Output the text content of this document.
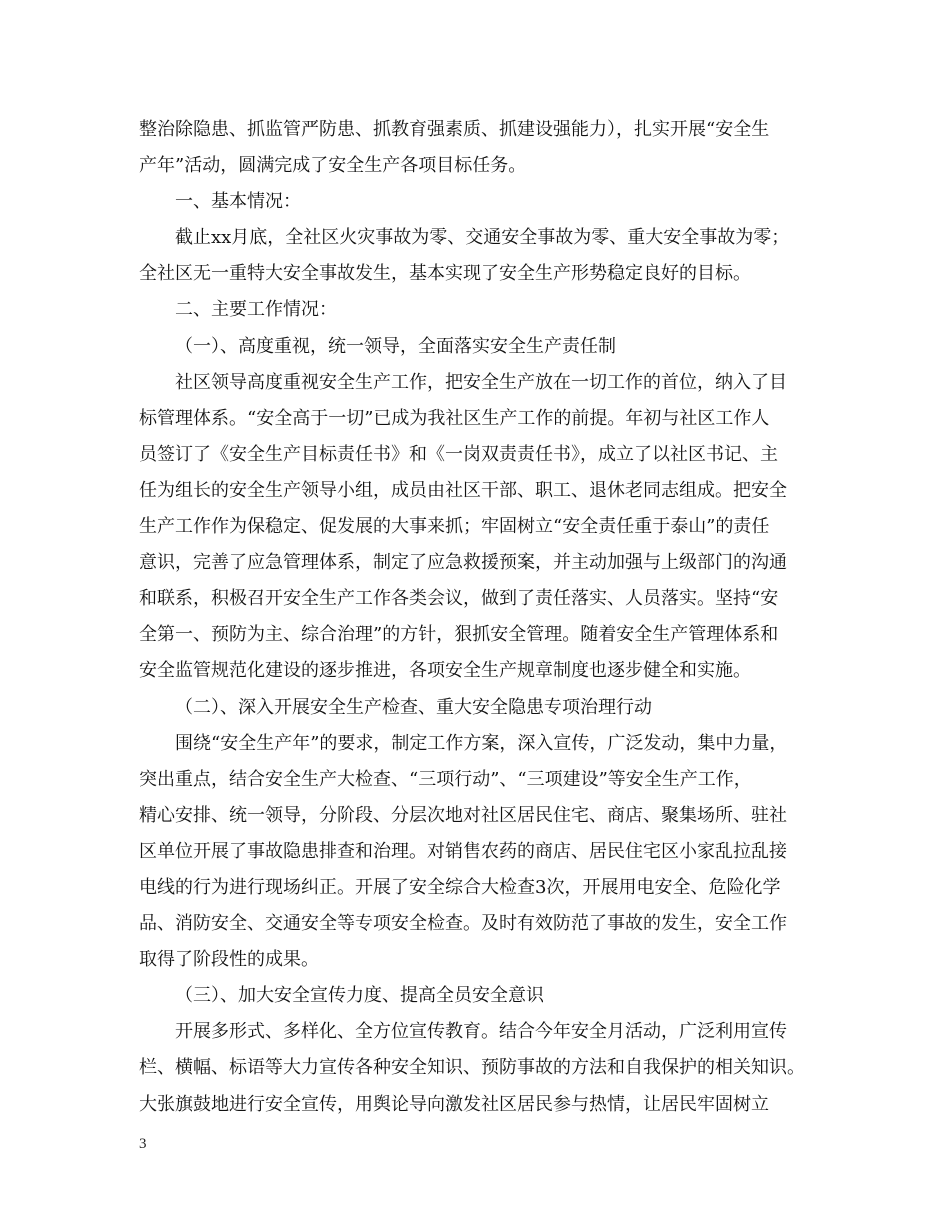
整治除隐患、抓监管严防患、抓教育强素质、抓建设强能力），扎实开展“安全生
产年”活动，圆满完成了安全生产各项目标任务。
一、基本情况：
截止xx月底，全社区火灾事故为零、交通安全事故为零、重大安全事故为零；
全社区无一重特大安全事故发生，基本实现了安全生产形势稳定良好的目标。
二、主要工作情况：
（一）、高度重视，统一领导，全面落实安全生产责任制
社区领导高度重视安全生产工作，把安全生产放在一切工作的首位，纳入了目
标管理体系。“安全高于一切”已成为我社区生产工作的前提。年初与社区工作人
员签订了《安全生产目标责任书》和《一岗双责责任书》，成立了以社区书记、主
任为组长的安全生产领导小组，成员由社区干部、职工、退休老同志组成。把安全
生产工作作为保稳定、促发展的大事来抓；牢固树立“安全责任重于泰山”的责任
意识，完善了应急管理体系，制定了应急救援预案，并主动加强与上级部门的沟通
和联系，积极召开安全生产工作各类会议，做到了责任落实、人员落实。坚持“安
全第一、预防为主、综合治理”的方针，狠抓安全管理。随着安全生产管理体系和
安全监管规范化建设的逐步推进，各项安全生产规章制度也逐步健全和实施。
（二）、深入开展安全生产检查、重大安全隐患专项治理行动
围绕“安全生产年”的要求，制定工作方案，深入宣传，广泛发动，集中力量，
突出重点，结合安全生产大检查、“三项行动”、“三项建设”等安全生产工作，
精心安排、统一领导，分阶段、分层次地对社区居民住宅、商店、聚集场所、驻社
区单位开展了事故隐患排查和治理。对销售农药的商店、居民住宅区小家乱拉乱接
电线的行为进行现场纠正。开展了安全综合大检查3次，开展用电安全、危险化学
品、消防安全、交通安全等专项安全检查。及时有效防范了事故的发生，安全工作
取得了阶段性的成果。
（三）、加大安全宣传力度、提高全员安全意识
开展多形式、多样化、全方位宣传教育。结合今年安全月活动，广泛利用宣传
栏、横幅、标语等大力宣传各种安全知识、预防事故的方法和自我保护的相关知识。
大张旗鼓地进行安全宣传，用舆论导向激发社区居民参与热情，让居民牢固树立
3
